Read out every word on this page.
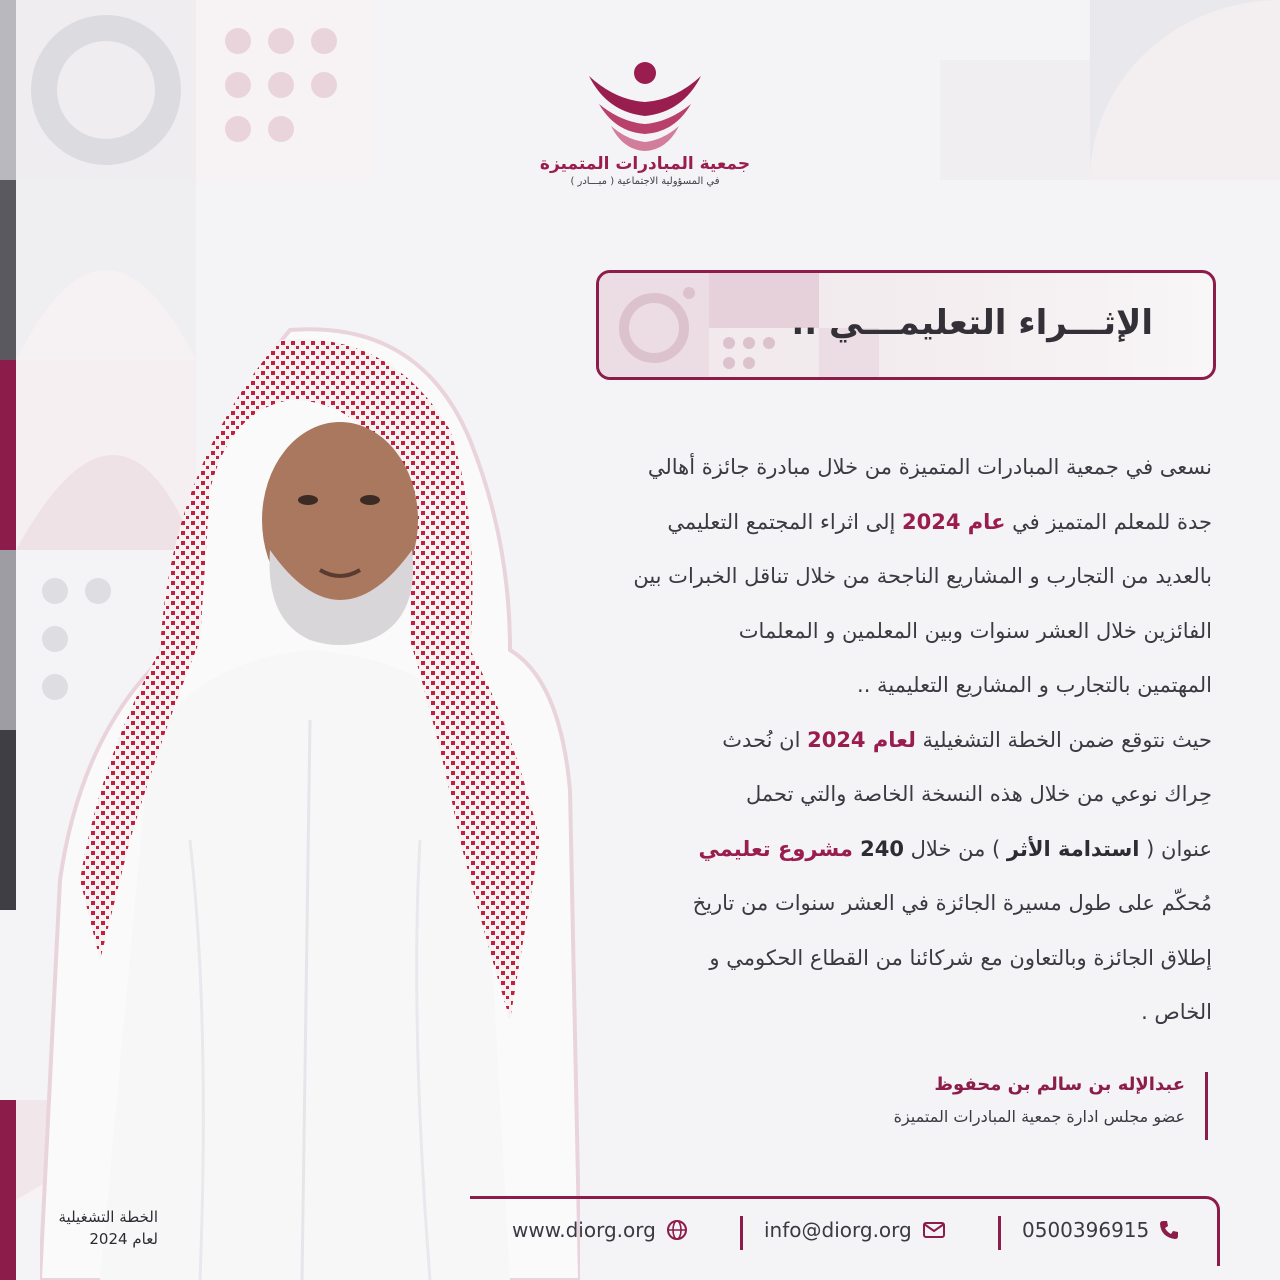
جمعية المبادرات المتميزة
في المسؤولية الاجتماعية ( مبـــادر )
الإثـــراء التعليمـــي ..
نسعى في جمعية المبادرات المتميزة من خلال مبادرة جائزة أهالي
جدة للمعلم المتميز في عام 2024 إلى اثراء المجتمع التعليمي
بالعديد من التجارب و المشاريع الناجحة من خلال تناقل الخبرات بين
الفائزين خلال العشر سنوات وبين المعلمين و المعلمات
المهتمين بالتجارب و المشاريع التعليمية ..
حيث نتوقع ضمن الخطة التشغيلية لعام 2024 ان نُحدث
حِراك نوعي من خلال هذه النسخة الخاصة والتي تحمل
عنوان ( استدامة الأثر ) من خلال 240 مشروع تعليمي
مُحكّم على طول مسيرة الجائزة في العشر سنوات من تاريخ
إطلاق الجائزة وبالتعاون مع شركائنا من القطاع الحكومي و
الخاص .
عبدالإله بن سالم بن محفوظ
عضو مجلس ادارة جمعية المبادرات المتميزة
www.diorg.org	info@diorg.org	0500396915
الخطة التشغيلية
لعام 2024
